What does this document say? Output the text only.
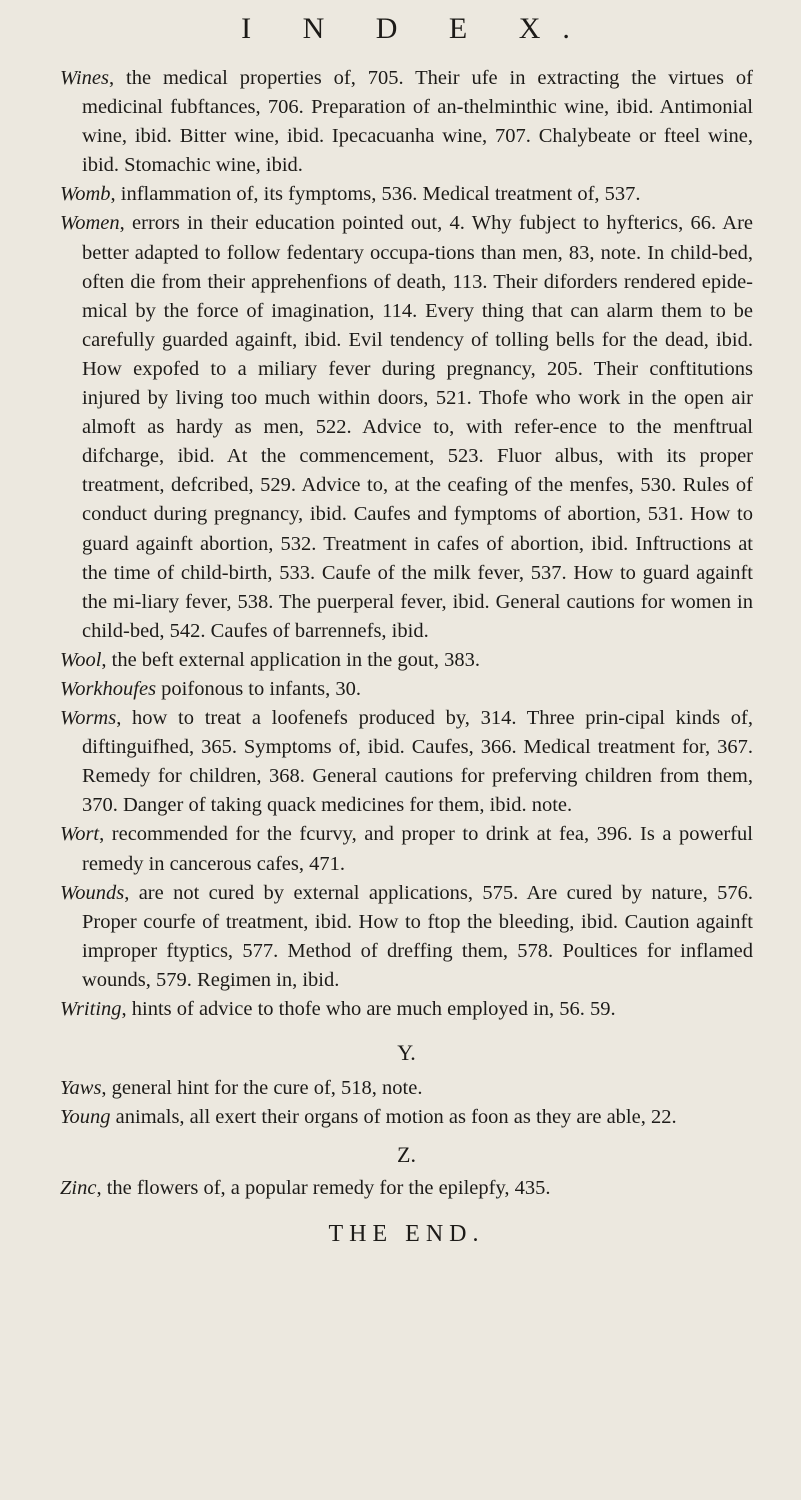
I N D E X.

Wines, the medical properties of, 705. Their ufe in extracting the virtues of medicinal fubftances, 706. Preparation of an-thelminthic wine, ibid. Antimonial wine, ibid. Bitter wine, ibid. Ipecacuanha wine, 707. Chalybeate or fteel wine, ibid. Stomachic wine, ibid.

Womb, inflammation of, its fymptoms, 536. Medical treatment of, 537.

Women, errors in their education pointed out, 4. Why fubject to hyfterics, 66. Are better adapted to follow fedentary occupa-tions than men, 83, note. In child-bed, often die from their apprehenfions of death, 113. Their diforders rendered epide-mical by the force of imagination, 114. Every thing that can alarm them to be carefully guarded againft, ibid. Evil tendency of tolling bells for the dead, ibid. How expofed to a miliary fever during pregnancy, 205. Their conftitutions injured by living too much within doors, 521. Thofe who work in the open air almoft as hardy as men, 522. Advice to, with refer-ence to the menftrual difcharge, ibid. At the commencement, 523. Fluor albus, with its proper treatment, defcribed, 529. Advice to, at the ceafing of the menfes, 530. Rules of conduct during pregnancy, ibid. Caufes and fymptoms of abortion, 531. How to guard againft abortion, 532. Treatment in cafes of abortion, ibid. Inftructions at the time of child-birth, 533. Caufe of the milk fever, 537. How to guard againft the mi-liary fever, 538. The puerperal fever, ibid. General cautions for women in child-bed, 542. Caufes of barrennefs, ibid.

Wool, the beft external application in the gout, 383.

Workhoufes poifonous to infants, 30.

Worms, how to treat a loofenefs produced by, 314. Three prin-cipal kinds of, diftinguifhed, 365. Symptoms of, ibid. Caufes, 366. Medical treatment for, 367. Remedy for children, 368. General cautions for preferving children from them, 370. Danger of taking quack medicines for them, ibid. note.

Wort, recommended for the fcurvy, and proper to drink at fea, 396. Is a powerful remedy in cancerous cafes, 471.

Wounds, are not cured by external applications, 575. Are cured by nature, 576. Proper courfe of treatment, ibid. How to ftop the bleeding, ibid. Caution againft improper ftyptics, 577. Method of dreffing them, 578. Poultices for inflamed wounds, 579. Regimen in, ibid.

Writing, hints of advice to thofe who are much employed in, 56. 59.

Y.

Yaws, general hint for the cure of, 518, note.

Young animals, all exert their organs of motion as foon as they are able, 22.

Z.

Zinc, the flowers of, a popular remedy for the epilepfy, 435.

THE END.
